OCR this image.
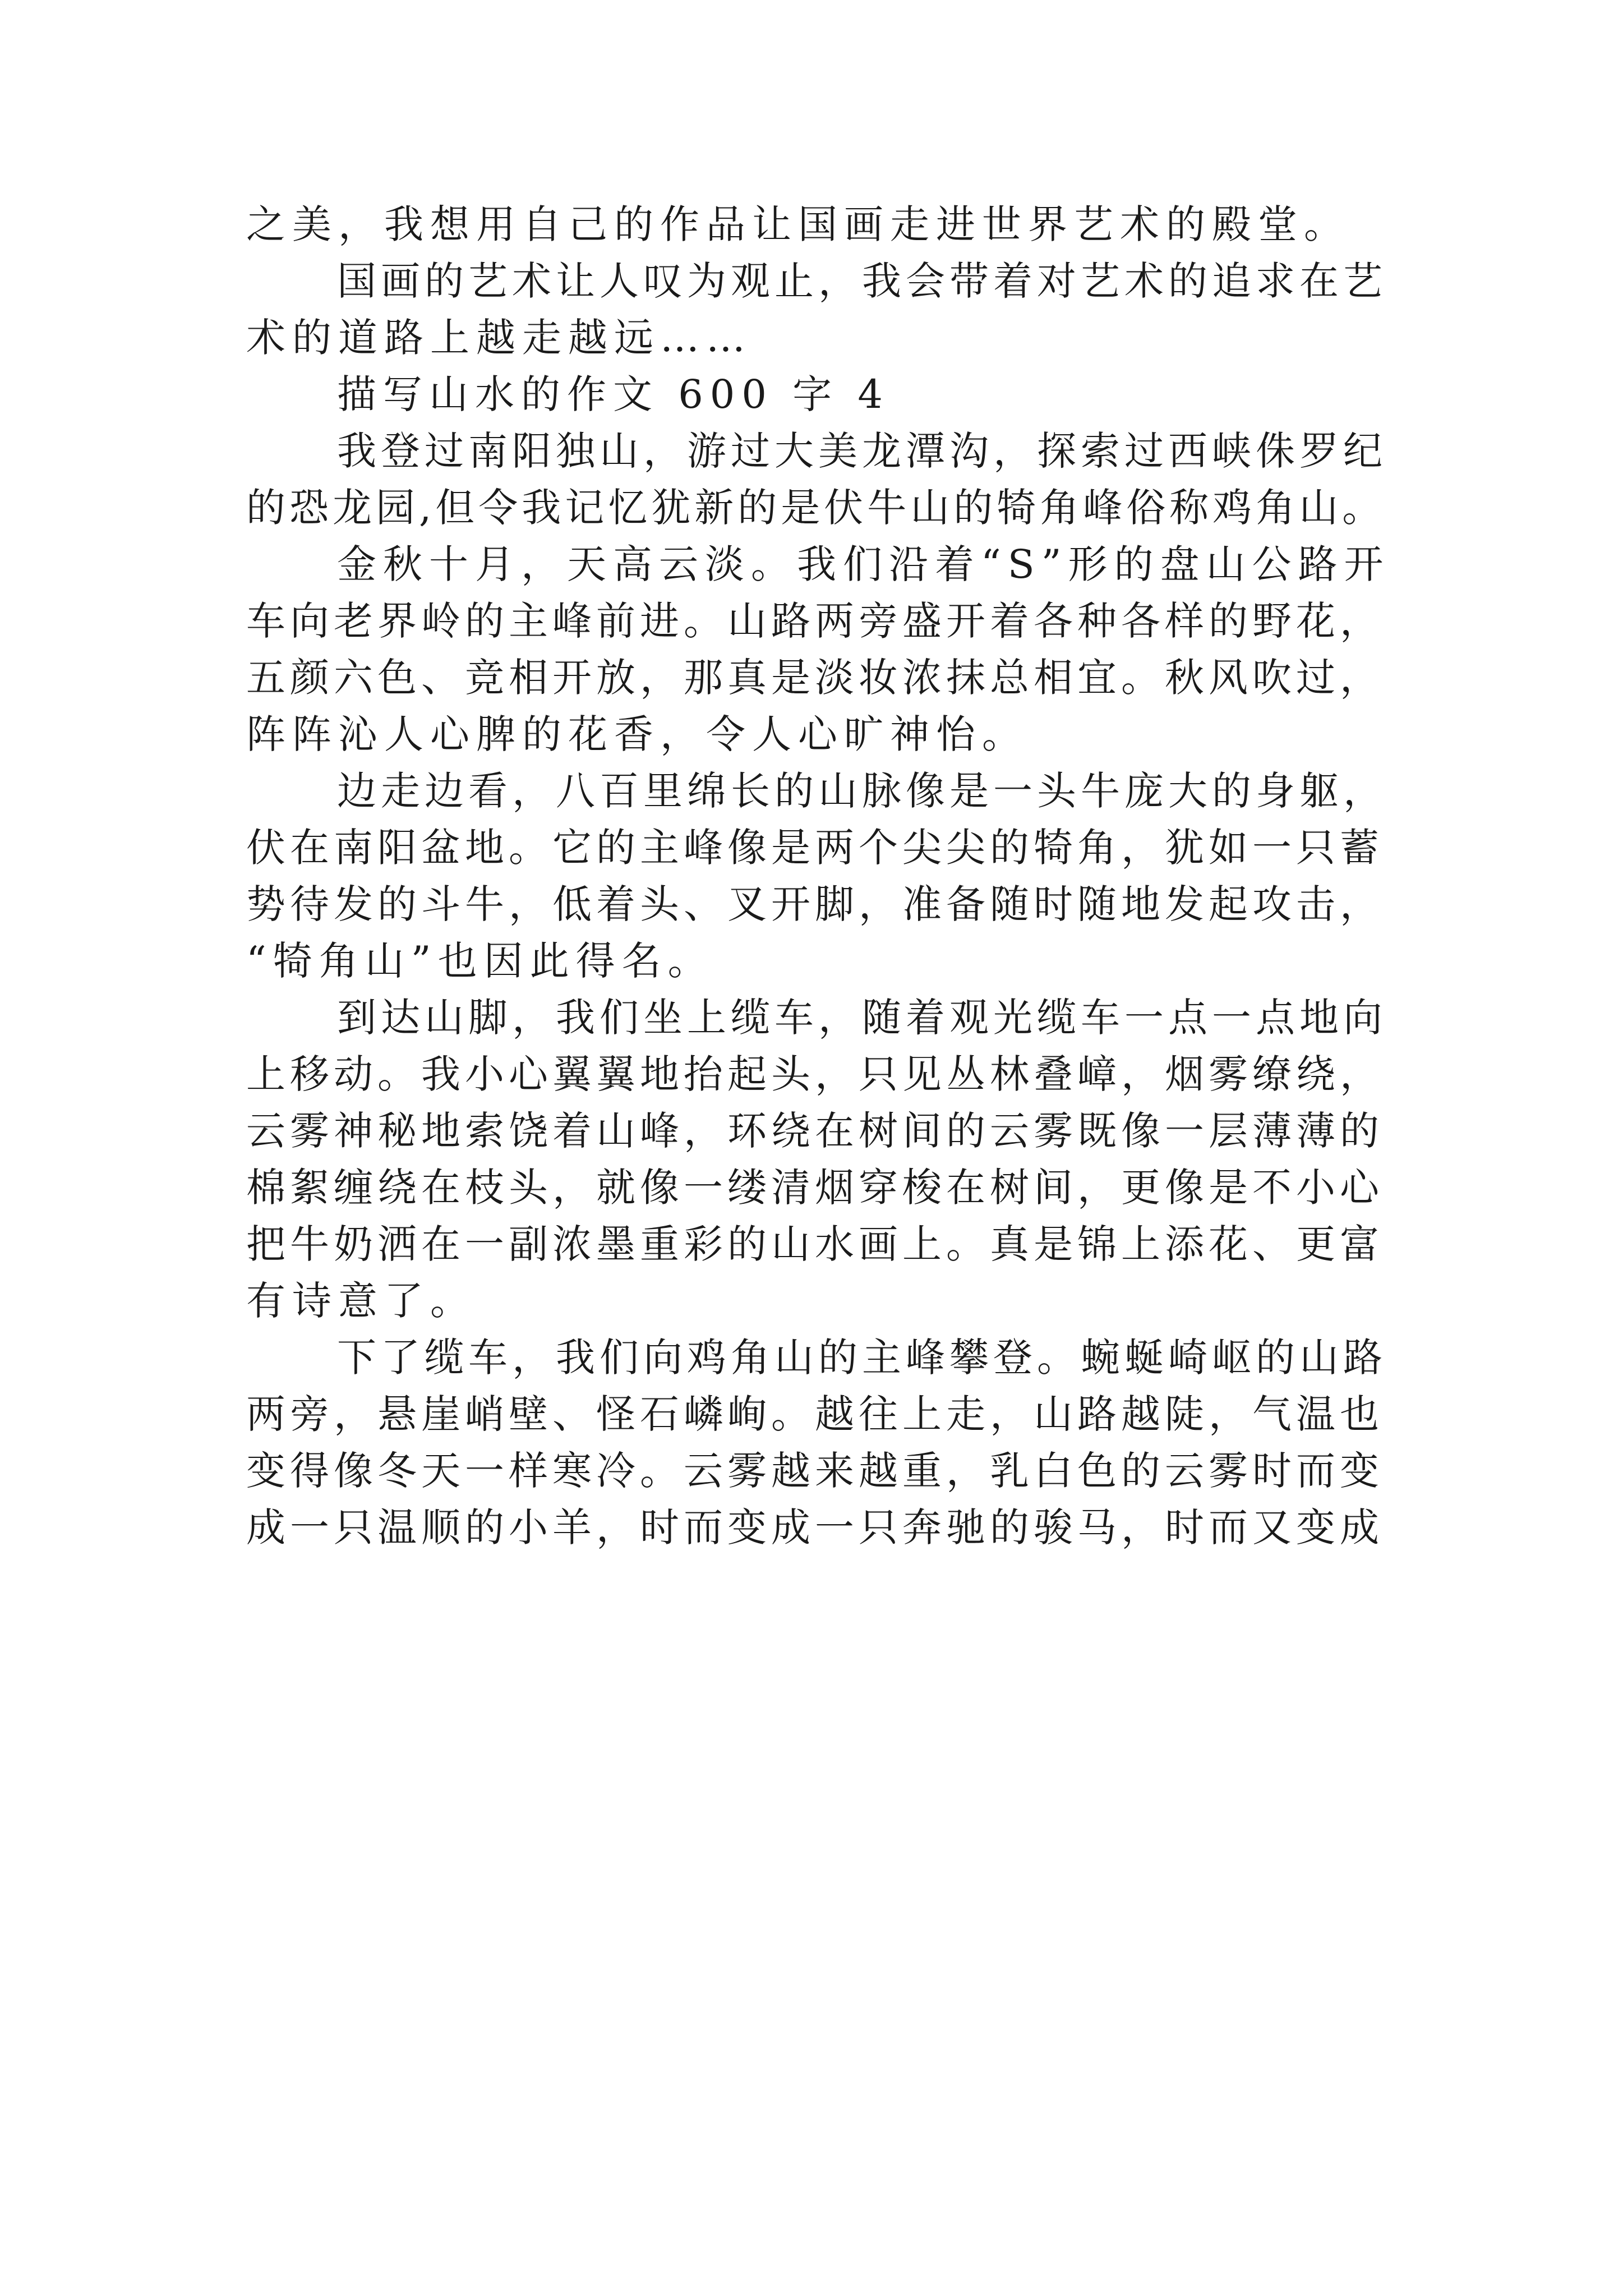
之美，我想用自己的作品让国画走进世界艺术的殿堂。
国画的艺术让人叹为观止，我会带着对艺术的追求在艺
术的道路上越走越远……
描写山水的作文 600 字 4
我登过南阳独山，游过大美龙潭沟，探索过西峡侏罗纪
的恐龙园,但令我记忆犹新的是伏牛山的犄角峰俗称鸡角山。
金秋十月，天高云淡。我们沿着“S”形的盘山公路开
车向老界岭的主峰前进。山路两旁盛开着各种各样的野花，
五颜六色、竞相开放，那真是淡妆浓抹总相宜。秋风吹过，
阵阵沁人心脾的花香，令人心旷神怡。
边走边看，八百里绵长的山脉像是一头牛庞大的身躯，
伏在南阳盆地。它的主峰像是两个尖尖的犄角，犹如一只蓄
势待发的斗牛，低着头、叉开脚，准备随时随地发起攻击，
“犄角山”也因此得名。
到达山脚，我们坐上缆车，随着观光缆车一点一点地向
上移动。我小心翼翼地抬起头，只见丛林叠嶂，烟雾缭绕，
云雾神秘地索饶着山峰，环绕在树间的云雾既像一层薄薄的
棉絮缠绕在枝头，就像一缕清烟穿梭在树间，更像是不小心
把牛奶洒在一副浓墨重彩的山水画上。真是锦上添花、更富
有诗意了。
下了缆车，我们向鸡角山的主峰攀登。蜿蜒崎岖的山路
两旁，悬崖峭壁、怪石嶙峋。越往上走，山路越陡，气温也
变得像冬天一样寒冷。云雾越来越重，乳白色的云雾时而变
成一只温顺的小羊，时而变成一只奔驰的骏马，时而又变成
